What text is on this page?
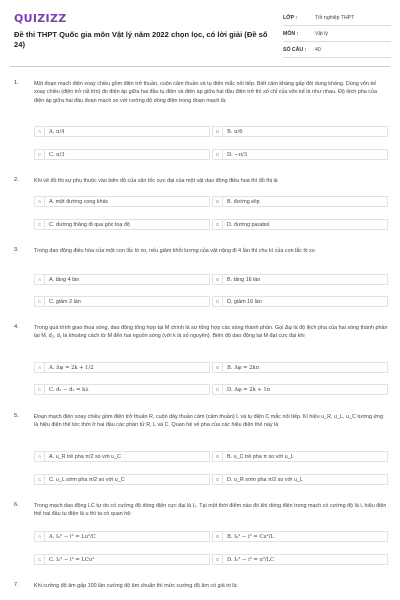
QUIZIZZ
Đề thi THPT Quốc gia môn Vật lý năm 2022 chọn lọc, có lời giải (Đề số 24)
LỚP :	Tốt nghiệp THPT
MÔN :	Vật lý
SỐ CÂU :	40
1.	Một đoạn mạch điện xoay chiều gồm điện trở thuần, cuộn cảm thuần và tụ điện mắc nối tiếp. Biết cảm kháng gấp đôi dung kháng. Dùng vôn kế xoay chiều (điện trở rất lớn) đo điện áp giữa hai đầu tụ điện và điện áp giữa hai đầu điện trở thì số chỉ của vôn kế là như nhau. Độ lệch pha của điện áp giữa hai đầu đoạn mạch so với cường độ dòng điện trong đoạn mạch là:
A	A. π/4	B	B. π/6
C	C. π/3	D	D. −π/3
2.	Khi vẽ đồ thị sự phụ thuộc vào biên độ của vận tốc cực đại của một vật dao động điều hoà thì đồ thị là
A	A. một đường cong khác	B	B. đường elip
C	C. đường thẳng đi qua gốc toạ độ	D	D. đường parabol
3.	Trong dao động điều hòa của một con lắc lò xo, nếu giảm khối lượng của vật nặng đi 4 lần thì chu kì của con lắc lò xo
A	A. tăng 4 lần	B	B. tăng 16 lần
C	C. giảm 2 lần	D	D. giảm 16 lần
4.	Trong quá trình giao thoa sóng, dao động tổng hợp tại M chính là sự tổng hợp các sóng thành phần. Gọi Δφ là độ lệch pha của hai sóng thành phần tại M, d₂, d₁ là khoảng cách từ M đến hai nguồn sóng (với k là số nguyên). Biên độ dao động tại M đạt cực đại khi
A	A. Δφ = 2k + 1/2	B	B. Δφ = 2kπ
C	C. d₂ − d₁ = kλ	D	D. Δφ = 2k + 1π
5.	Đoạn mạch điện xoay chiều gồm điện trở thuần R, cuộn dây thuần cảm (cảm thuần) L và tụ điện C mắc nối tiếp. Kí hiệu u_R, u_L, u_C tương ứng là hiệu điện thế tức thời ở hai đầu các phần tử R, L và C. Quan hệ về pha của các hiệu điện thế này là
A	A. u_R trễ pha π/2 so với u_C	B	B. u_C trễ pha π so với u_L
C	C. u_L sớm pha π/2 so với u_C	D	D. u_R sớm pha π/2 so với u_L
6.	Trong mạch dao động LC tự do có cường độ dòng điện cực đại là I₀. Tại một thời điểm nào đó khi dòng điện trong mạch có cường độ là i, hiệu điện thế hai đầu tụ điện là u thì ta có quan hệ:
A	A. I₀² − i² = Lu²/C	B	B. I₀² − i² = Cu²/L
C	C. I₀² − i² = LCu²	D	D. I₀² − i² = u²/LC
7.	Khi cường độ âm gấp 100 lần cường độ âm chuẩn thì mức cường độ âm có giá trị là:
